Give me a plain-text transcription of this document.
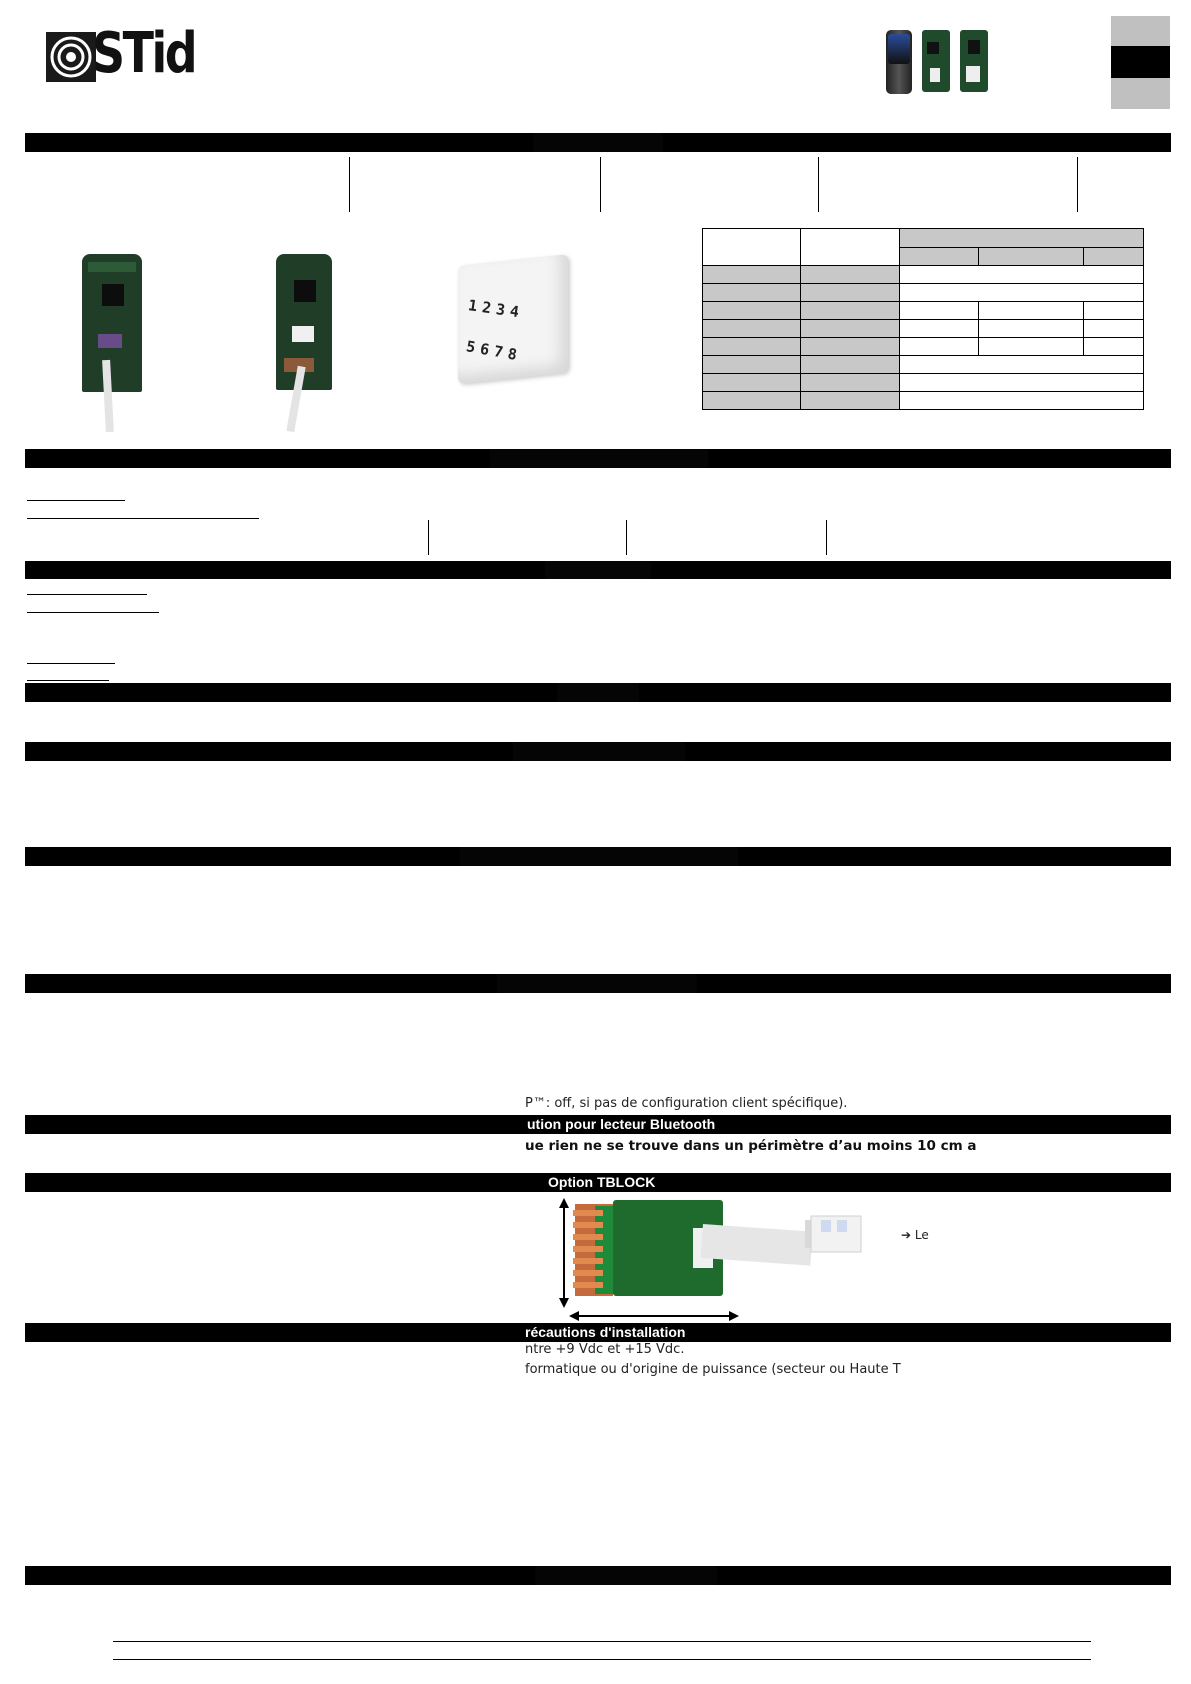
STid
1234
5678

P™: off, si pas de configuration client spécifique).
ution pour lecteur Bluetooth
ue rien ne se trouve dans un périmètre d’au moins 10 cm a
Option TBLOCK
➔ Le
récautions d'installation
ntre +9 Vdc et +15 Vdc.
formatique ou d'origine de puissance (secteur ou Haute T
